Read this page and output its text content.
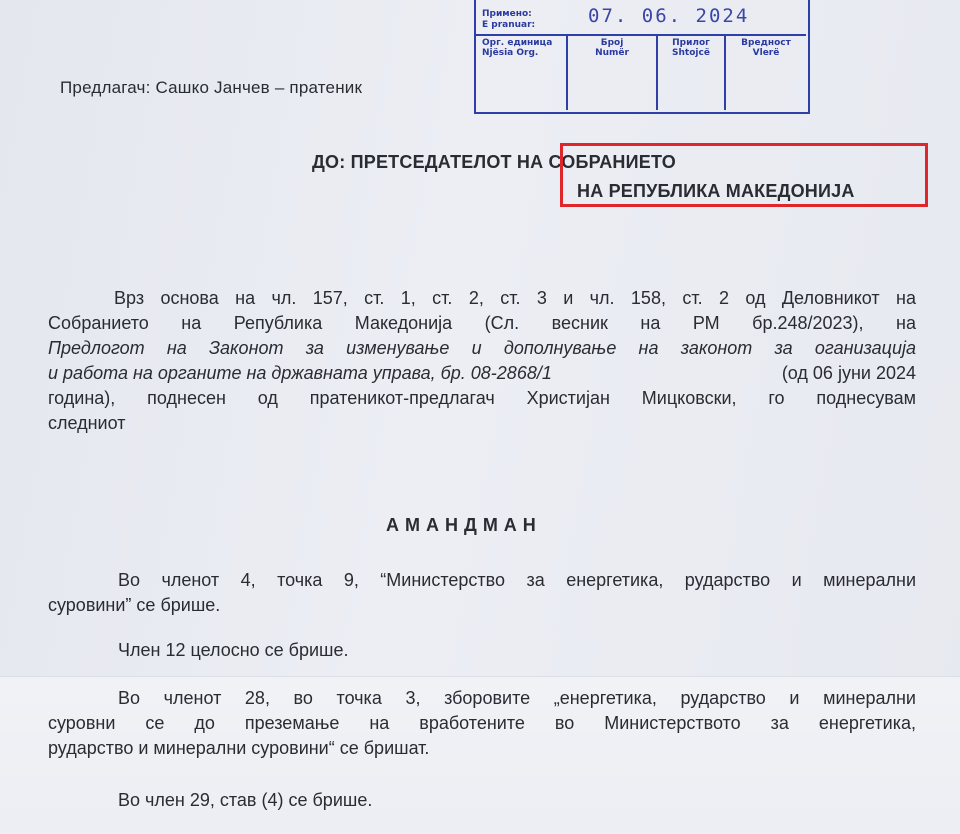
Примено:
E pranuar:	07. 06. 2024
Орг. единица
Njësia Org.
Број
Numër
Прилог
Shtojcë
Вредност
Vlerë
Предлагач: Сашко Јанчев – пратеник
ДО: ПРЕТСЕДАТЕЛОТ НА СОБРАНИЕТО
НА РЕПУБЛИКА МАКЕДОНИЈА
Врз основа на чл. 157, ст. 1, ст. 2, ст. 3 и чл. 158, ст. 2 од Деловникот на
Собранието на Република Македонија (Сл. весник на РМ бр.248/2023), на
Предлогот на Законот за изменување и дополнување на законот за оганизација
и работа на органите на државната управа, бр. 08-2868/1	(од 06 јуни 2024
година), поднесен од пратеникот-предлагач Христијан Мицковски, го поднесувам
следниот
АМАНДМАН
Во членот 4, точка 9, “Министерство за енергетика, рударство и минерални
суровини” се брише.
Член 12 целосно се брише.
Во членот 28, во точка 3, зборовите „енергетика, рударство и минерални
суровни се до преземање на вработените во Министерството за енергетика,
рударство и минерални суровини“ се бришат.
Во член 29, став (4) се брише.
